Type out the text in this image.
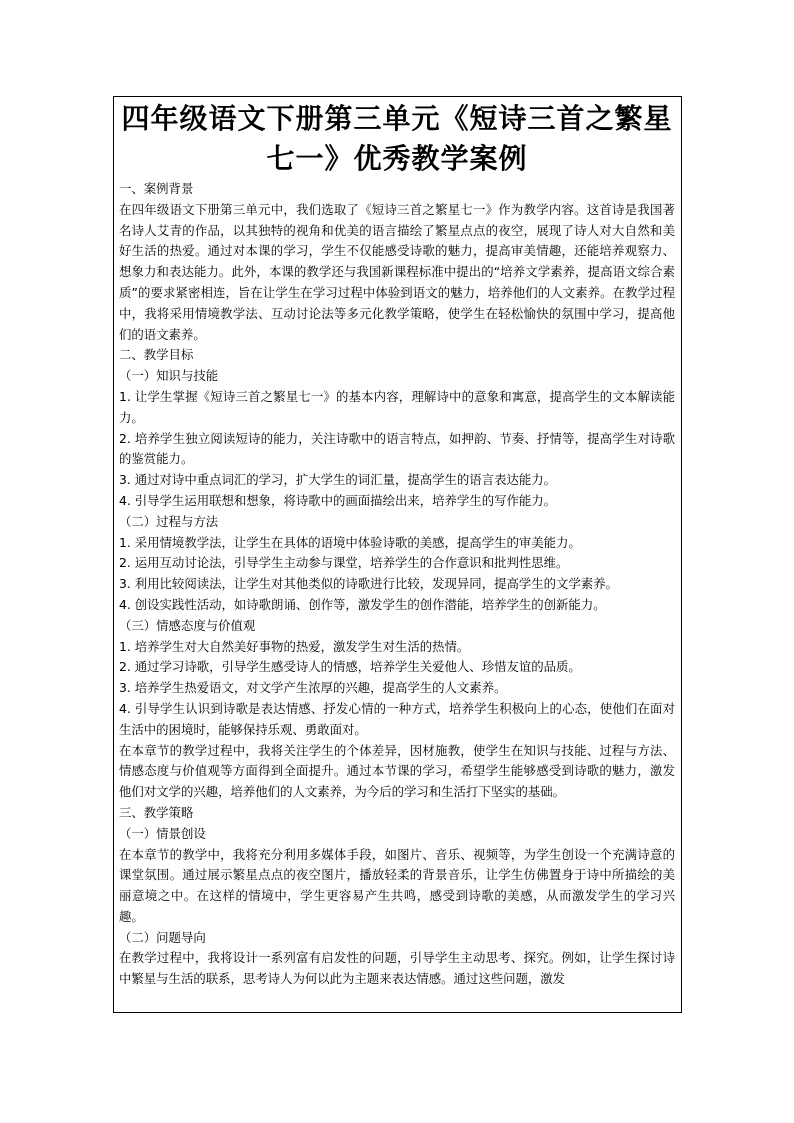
四年级语文下册第三单元《短诗三首之繁星
七一》优秀教学案例

一、案例背景

在四年级语文下册第三单元中，我们选取了《短诗三首之繁星七一》作为教学内容。这首诗是我国著名诗人艾青的作品，以其独特的视角和优美的语言描绘了繁星点点的夜空，展现了诗人对大自然和美好生活的热爱。通过对本课的学习，学生不仅能感受诗歌的魅力，提高审美情趣，还能培养观察力、想象力和表达能力。此外，本课的教学还与我国新课程标准中提出的“培养文学素养，提高语文综合素质”的要求紧密相连，旨在让学生在学习过程中体验到语文的魅力，培养他们的人文素养。在教学过程中，我将采用情境教学法、互动讨论法等多元化教学策略，使学生在轻松愉快的氛围中学习，提高他们的语文素养。

二、教学目标

（一）知识与技能

1. 让学生掌握《短诗三首之繁星七一》的基本内容，理解诗中的意象和寓意，提高学生的文本解读能力。

2. 培养学生独立阅读短诗的能力，关注诗歌中的语言特点，如押韵、节奏、抒情等，提高学生对诗歌的鉴赏能力。

3. 通过对诗中重点词汇的学习，扩大学生的词汇量，提高学生的语言表达能力。

4. 引导学生运用联想和想象，将诗歌中的画面描绘出来，培养学生的写作能力。

（二）过程与方法

1. 采用情境教学法，让学生在具体的语境中体验诗歌的美感，提高学生的审美能力。

2. 运用互动讨论法，引导学生主动参与课堂，培养学生的合作意识和批判性思维。

3. 利用比较阅读法，让学生对其他类似的诗歌进行比较，发现异同，提高学生的文学素养。

4. 创设实践性活动，如诗歌朗诵、创作等，激发学生的创作潜能，培养学生的创新能力。

（三）情感态度与价值观

1. 培养学生对大自然美好事物的热爱，激发学生对生活的热情。

2. 通过学习诗歌，引导学生感受诗人的情感，培养学生关爱他人、珍惜友谊的品质。

3. 培养学生热爱语文，对文学产生浓厚的兴趣，提高学生的人文素养。

4. 引导学生认识到诗歌是表达情感、抒发心情的一种方式，培养学生积极向上的心态，使他们在面对生活中的困境时，能够保持乐观、勇敢面对。

在本章节的教学过程中，我将关注学生的个体差异，因材施教，使学生在知识与技能、过程与方法、情感态度与价值观等方面得到全面提升。通过本节课的学习，希望学生能够感受到诗歌的魅力，激发他们对文学的兴趣，培养他们的人文素养，为今后的学习和生活打下坚实的基础。

三、教学策略

（一）情景创设

在本章节的教学中，我将充分利用多媒体手段，如图片、音乐、视频等，为学生创设一个充满诗意的课堂氛围。通过展示繁星点点的夜空图片，播放轻柔的背景音乐，让学生仿佛置身于诗中所描绘的美丽意境之中。在这样的情境中，学生更容易产生共鸣，感受到诗歌的美感，从而激发学生的学习兴趣。

（二）问题导向

在教学过程中，我将设计一系列富有启发性的问题，引导学生主动思考、探究。例如，让学生探讨诗中繁星与生活的联系，思考诗人为何以此为主题来表达情感。通过这些问题，激发
